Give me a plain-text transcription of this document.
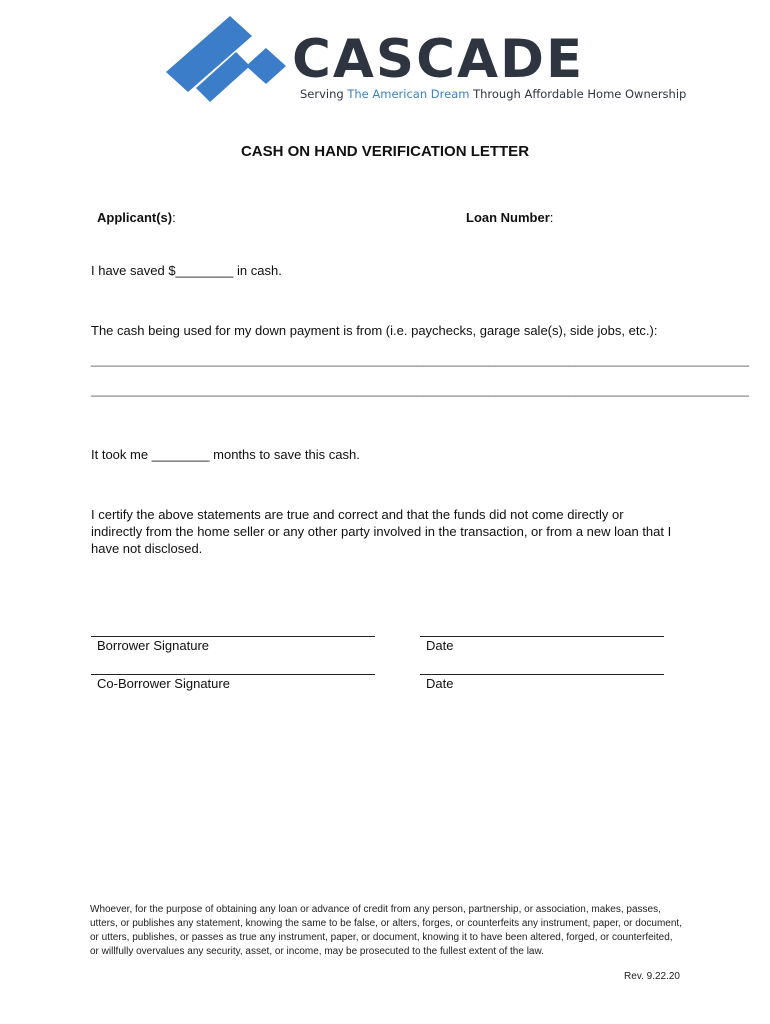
CASCADE
Serving The American Dream Through Affordable Home Ownership
CASH ON HAND VERIFICATION LETTER
Applicant(s):	Loan Number:
I have saved $________ in cash.
The cash being used for my down payment is from (i.e. paychecks, garage sale(s), side jobs, etc.):
___________________________________________________________________________________________
___________________________________________________________________________________________
It took me ________ months to save this cash.
I certify the above statements are true and correct and that the funds did not come directly or indirectly from the home seller or any other party involved in the transaction, or from a new loan that I have not disclosed.
Borrower Signature	Date
Co-Borrower Signature	Date
Whoever, for the purpose of obtaining any loan or advance of credit from any person, partnership, or association, makes, passes, utters, or publishes any statement, knowing the same to be false, or alters, forges, or counterfeits any instrument, paper, or document, or utters, publishes, or passes as true any instrument, paper, or document, knowing it to have been altered, forged, or counterfeited, or willfully overvalues any security, asset, or income, may be prosecuted to the fullest extent of the law.
Rev. 9.22.20
